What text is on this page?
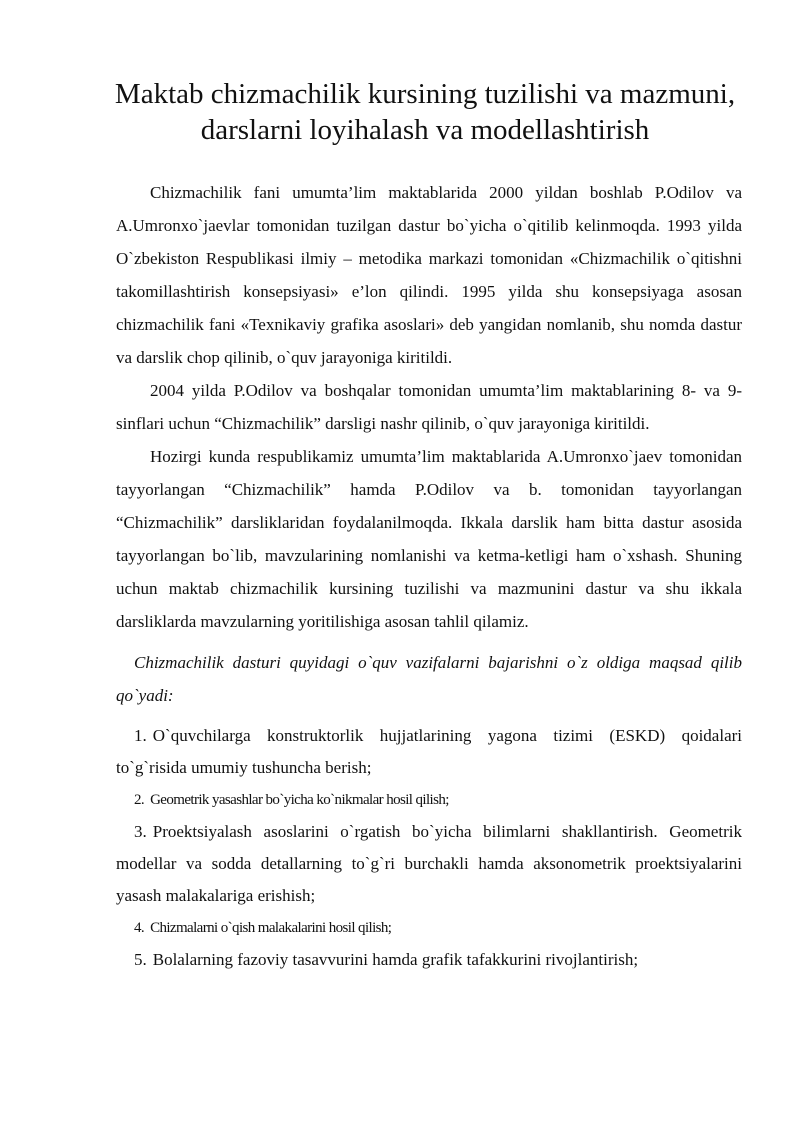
Maktab chizmachilik kursining tuzilishi va mazmuni, darslarni loyihalash va modellashtirish

Chizmachilik fani umumta’lim maktablarida 2000 yildan boshlab P.Odilov va A.Umronxo`jaevlar tomonidan tuzilgan dastur bo`yicha o`qitilib kelinmoqda. 1993 yilda O`zbekiston Respublikasi ilmiy – metodika markazi tomonidan «Chizmachilik o`qitishni takomillashtirish konsepsiyasi» e’lon qilindi. 1995 yilda shu konsepsiyaga asosan chizmachilik fani «Texnikaviy grafika asoslari» deb yangidan nomlanib, shu nomda dastur va darslik chop qilinib, o`quv jarayoniga kiritildi.

2004 yilda P.Odilov va boshqalar tomonidan umumta’lim maktablarining 8- va 9-sinflari uchun “Chizmachilik” darsligi nashr qilinib, o`quv jarayoniga kiritildi.

Hozirgi kunda respublikamiz umumta’lim maktablarida A.Umronxo`jaev tomonidan tayyorlangan “Chizmachilik” hamda P.Odilov va b. tomonidan tayyorlangan “Chizmachilik” darsliklaridan foydalanilmoqda. Ikkala darslik ham bitta dastur asosida tayyorlangan bo`lib, mavzularining nomlanishi va ketma-ketligi ham o`xshash. Shuning uchun maktab chizmachilik kursining tuzilishi va mazmunini dastur va shu ikkala darsliklarda mavzularning yoritilishiga asosan tahlil qilamiz.

Chizmachilik dasturi quyidagi o`quv vazifalarni bajarishni o`z oldiga maqsad qilib qo`yadi:

1. O`quvchilarga konstruktorlik hujjatlarining yagona tizimi (ESKD) qoidalari to`g`risida umumiy tushuncha berish;

2. Geometrik yasashlar bo`yicha ko`nikmalar hosil qilish;

3. Proektsiyalash asoslarini o`rgatish bo`yicha bilimlarni shakllantirish. Geometrik modellar va sodda detallarning to`g`ri burchakli hamda aksonometrik proektsiyalarini yasash malakalariga erishish;

4. Chizmalarni o`qish malakalarini hosil qilish;

5. Bolalarning fazoviy tasavvurini hamda grafik tafakkurini rivojlantirish;
